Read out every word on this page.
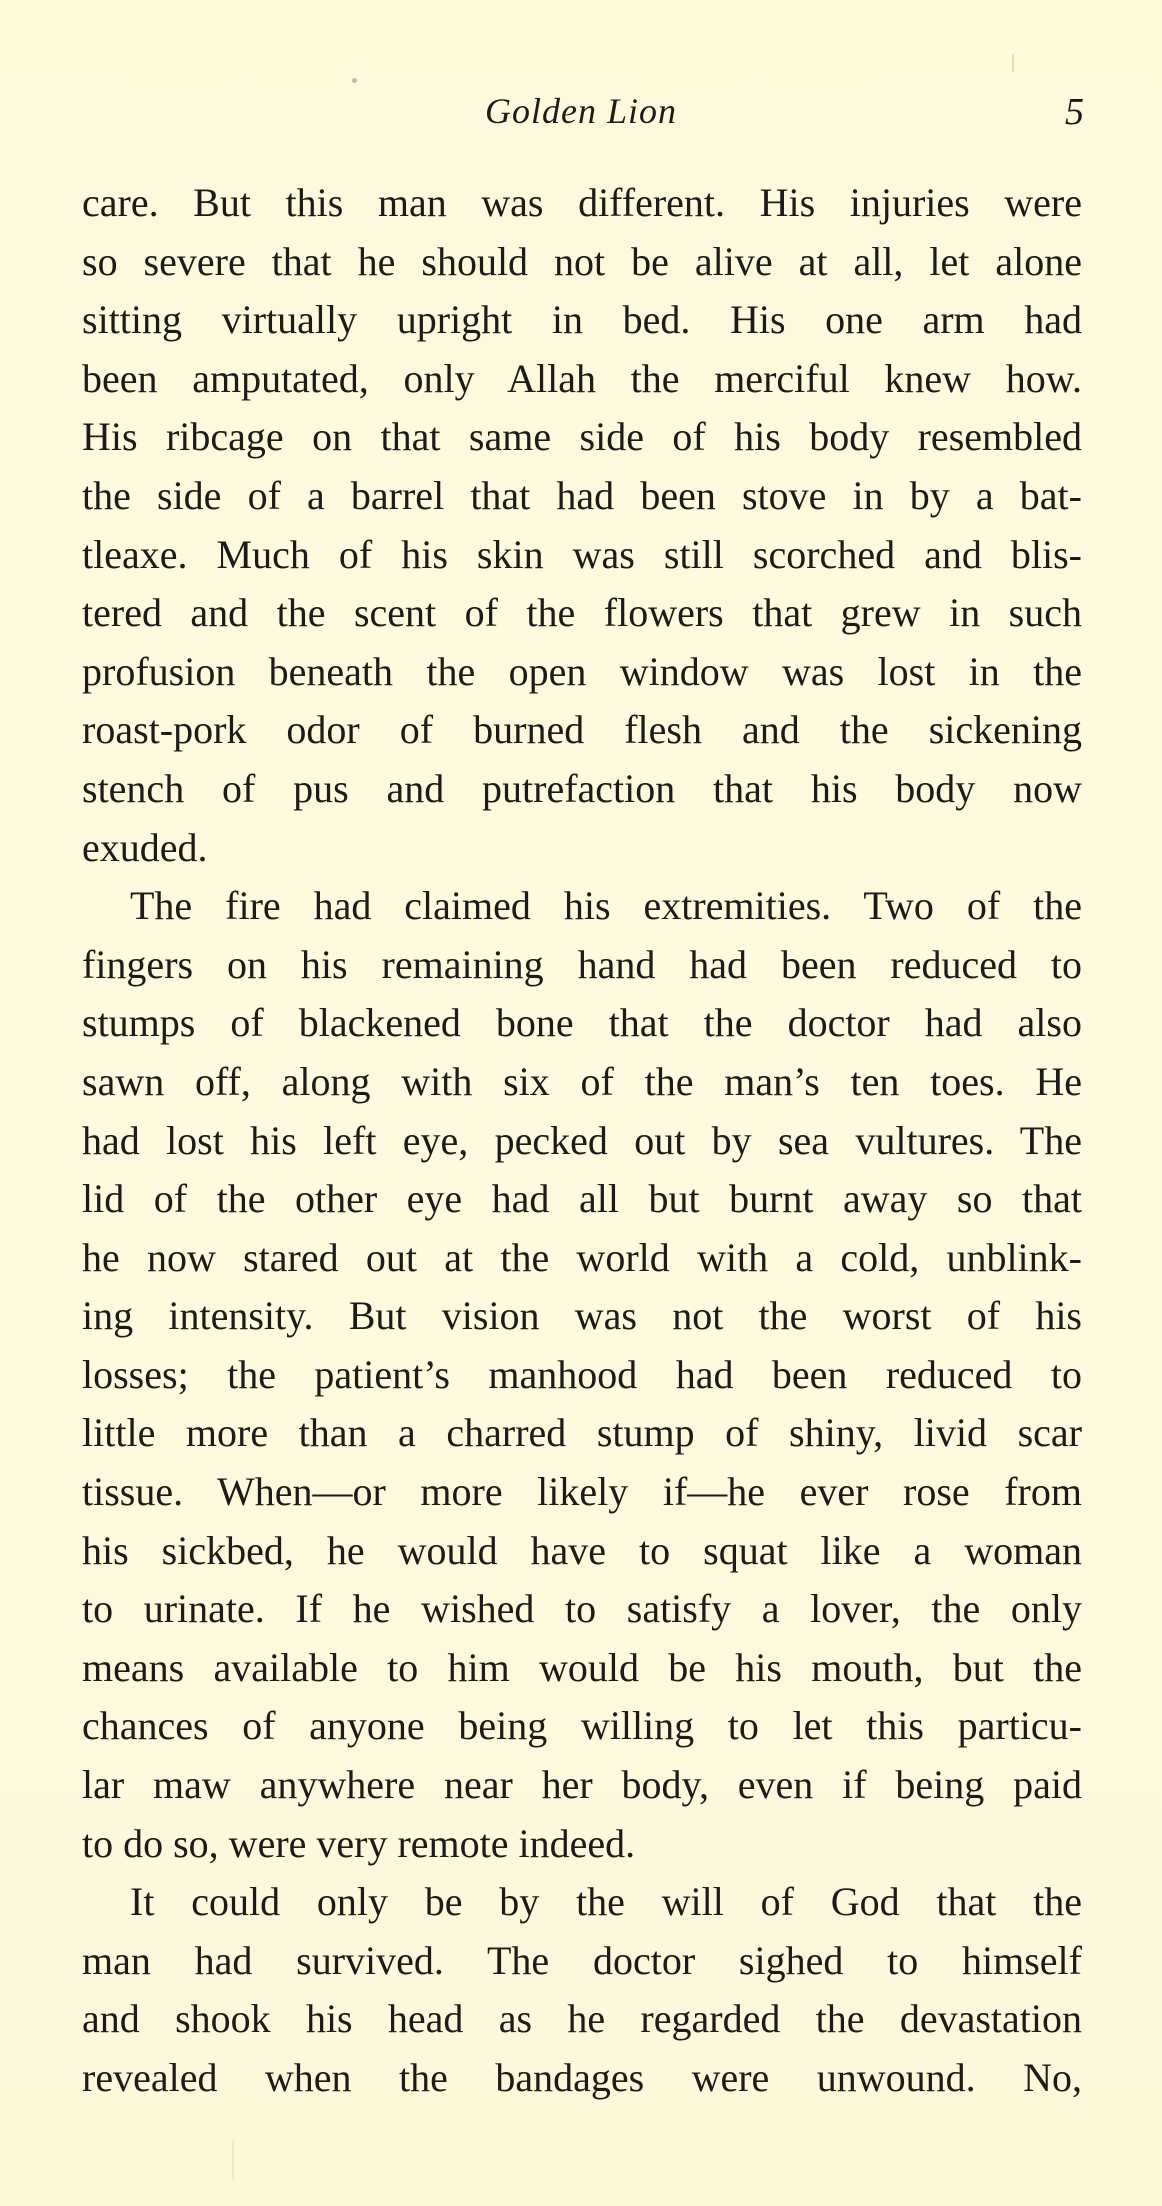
Golden Lion	5
care. But this man was different. His injuries were
so severe that he should not be alive at all, let alone
sitting virtually upright in bed. His one arm had
been amputated, only Allah the merciful knew how.
His ribcage on that same side of his body resembled
the side of a barrel that had been stove in by a bat-
tleaxe. Much of his skin was still scorched and blis-
tered and the scent of the flowers that grew in such
profusion beneath the open window was lost in the
roast-pork odor of burned flesh and the sickening
stench of pus and putrefaction that his body now
exuded.
The fire had claimed his extremities. Two of the
fingers on his remaining hand had been reduced to
stumps of blackened bone that the doctor had also
sawn off, along with six of the man’s ten toes. He
had lost his left eye, pecked out by sea vultures. The
lid of the other eye had all but burnt away so that
he now stared out at the world with a cold, unblink-
ing intensity. But vision was not the worst of his
losses; the patient’s manhood had been reduced to
little more than a charred stump of shiny, livid scar
tissue. When—or more likely if—he ever rose from
his sickbed, he would have to squat like a woman
to urinate. If he wished to satisfy a lover, the only
means available to him would be his mouth, but the
chances of anyone being willing to let this particu-
lar maw anywhere near her body, even if being paid
to do so, were very remote indeed.
It could only be by the will of God that the
man had survived. The doctor sighed to himself
and shook his head as he regarded the devastation
revealed when the bandages were unwound. No,
